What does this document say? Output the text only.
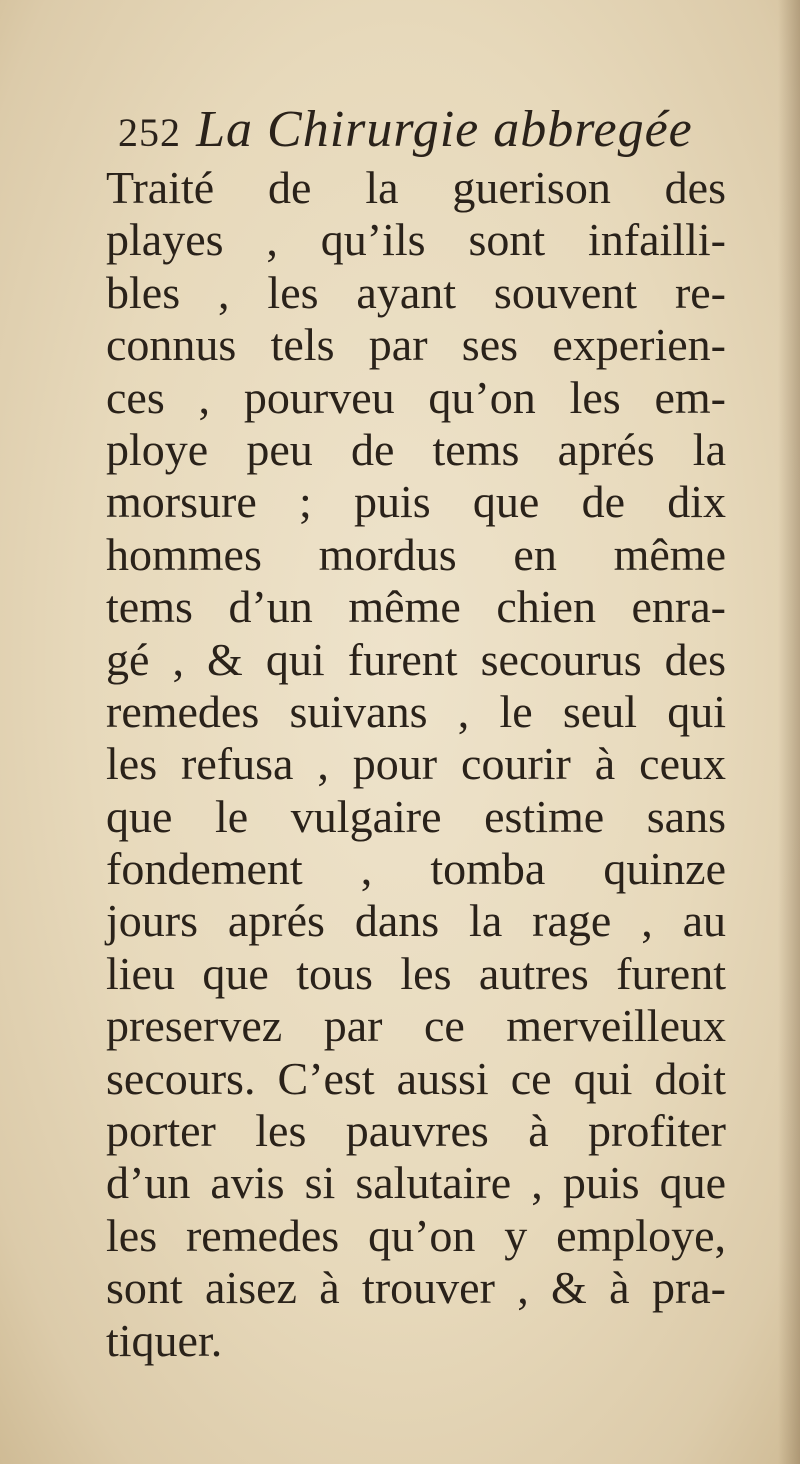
252 La Chirurgie abbregée
Traité de la guerison des
playes , qu’ils sont infailli-
bles , les ayant souvent re-
connus tels par ses experien-
ces , pourveu qu’on les em-
ploye peu de tems aprés la
morsure ; puis que de dix
hommes mordus en même
tems d’un même chien enra-
gé , & qui furent secourus des
remedes suivans , le seul qui
les refusa , pour courir à ceux
que le vulgaire estime sans
fondement , tomba quinze
jours aprés dans la rage , au
lieu que tous les autres furent
preservez par ce merveilleux
secours. C’est aussi ce qui doit
porter les pauvres à profiter
d’un avis si salutaire , puis que
les remedes qu’on y employe,
sont aisez à trouver , & à pra-
tiquer.
